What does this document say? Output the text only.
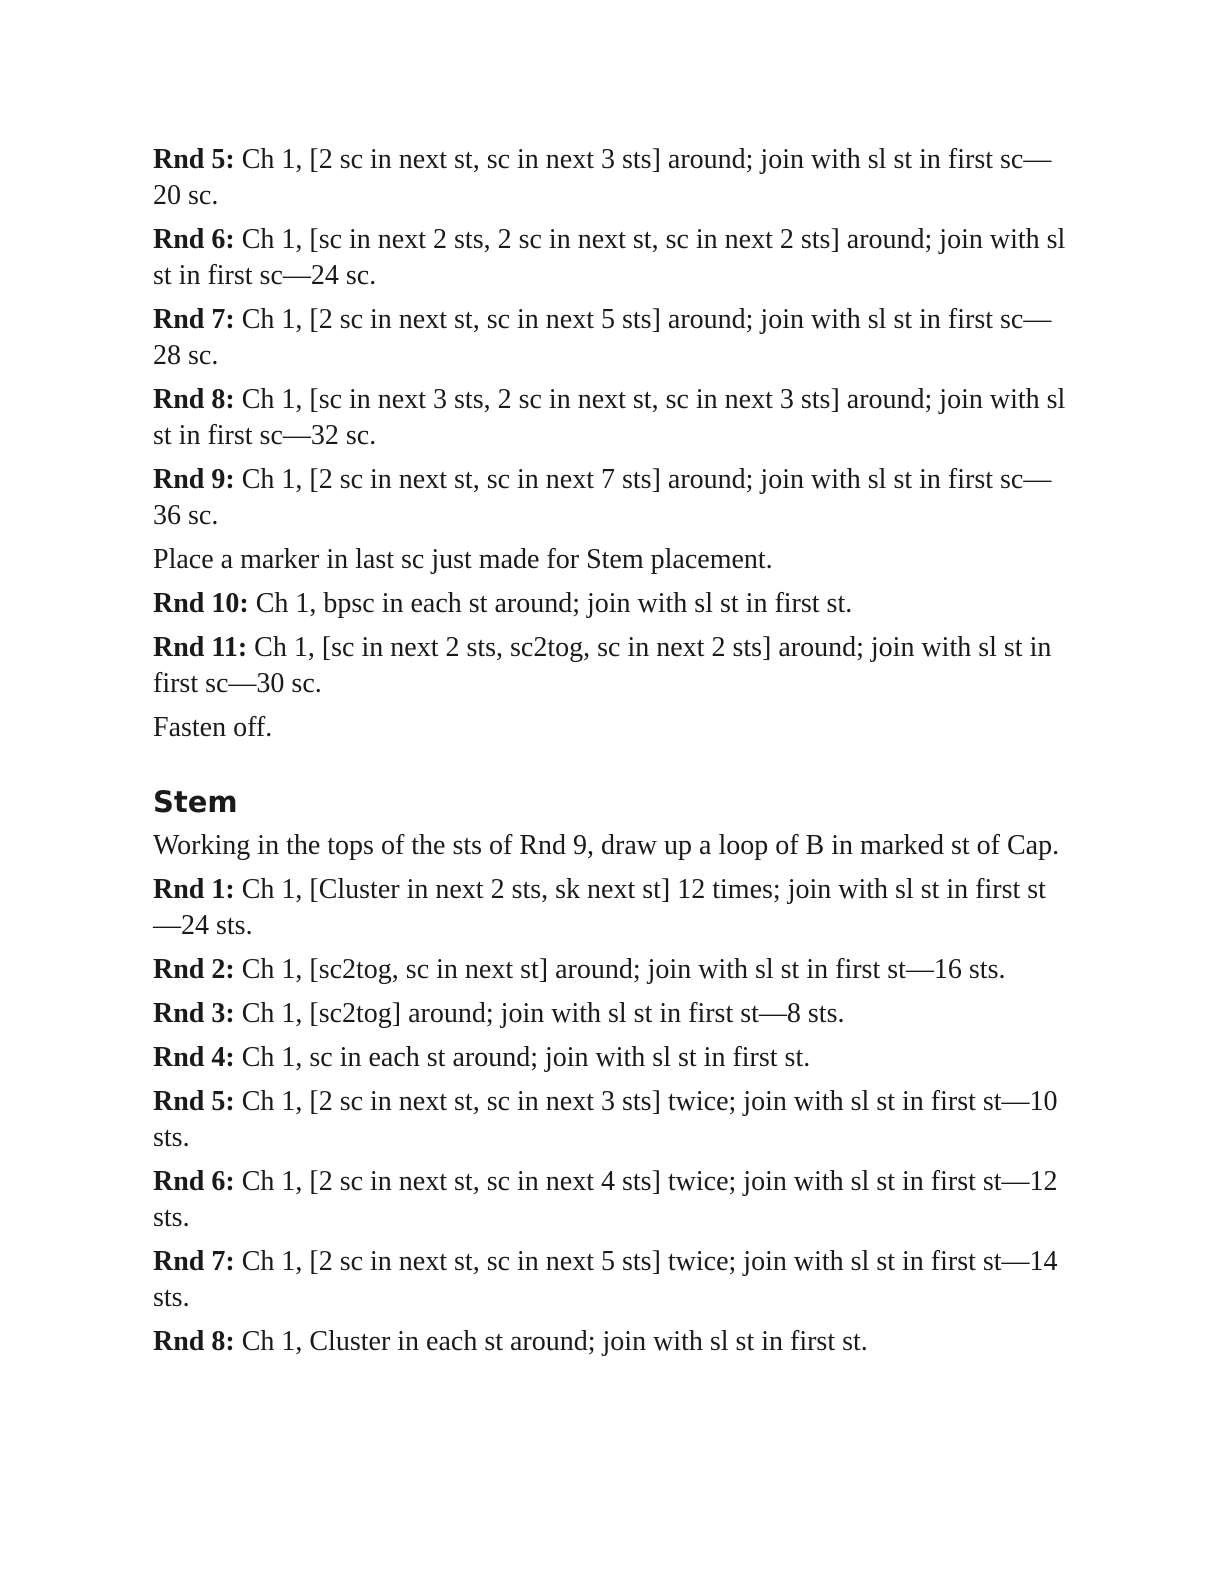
Rnd 5: Ch 1, [2 sc in next st, sc in next 3 sts] around; join with sl st in first sc—20 sc.

Rnd 6: Ch 1, [sc in next 2 sts, 2 sc in next st, sc in next 2 sts] around; join with sl st in first sc—24 sc.

Rnd 7: Ch 1, [2 sc in next st, sc in next 5 sts] around; join with sl st in first sc—28 sc.

Rnd 8: Ch 1, [sc in next 3 sts, 2 sc in next st, sc in next 3 sts] around; join with sl st in first sc—32 sc.

Rnd 9: Ch 1, [2 sc in next st, sc in next 7 sts] around; join with sl st in first sc—36 sc.

Place a marker in last sc just made for Stem placement.

Rnd 10: Ch 1, bpsc in each st around; join with sl st in first st.

Rnd 11: Ch 1, [sc in next 2 sts, sc2tog, sc in next 2 sts] around; join with sl st in first sc—30 sc.

Fasten off.

Stem

Working in the tops of the sts of Rnd 9, draw up a loop of B in marked st of Cap.

Rnd 1: Ch 1, [Cluster in next 2 sts, sk next st] 12 times; join with sl st in first st—24 sts.

Rnd 2: Ch 1, [sc2tog, sc in next st] around; join with sl st in first st—16 sts.

Rnd 3: Ch 1, [sc2tog] around; join with sl st in first st—8 sts.

Rnd 4: Ch 1, sc in each st around; join with sl st in first st.

Rnd 5: Ch 1, [2 sc in next st, sc in next 3 sts] twice; join with sl st in first st—10 sts.

Rnd 6: Ch 1, [2 sc in next st, sc in next 4 sts] twice; join with sl st in first st—12 sts.

Rnd 7: Ch 1, [2 sc in next st, sc in next 5 sts] twice; join with sl st in first st—14 sts.

Rnd 8: Ch 1, Cluster in each st around; join with sl st in first st.
